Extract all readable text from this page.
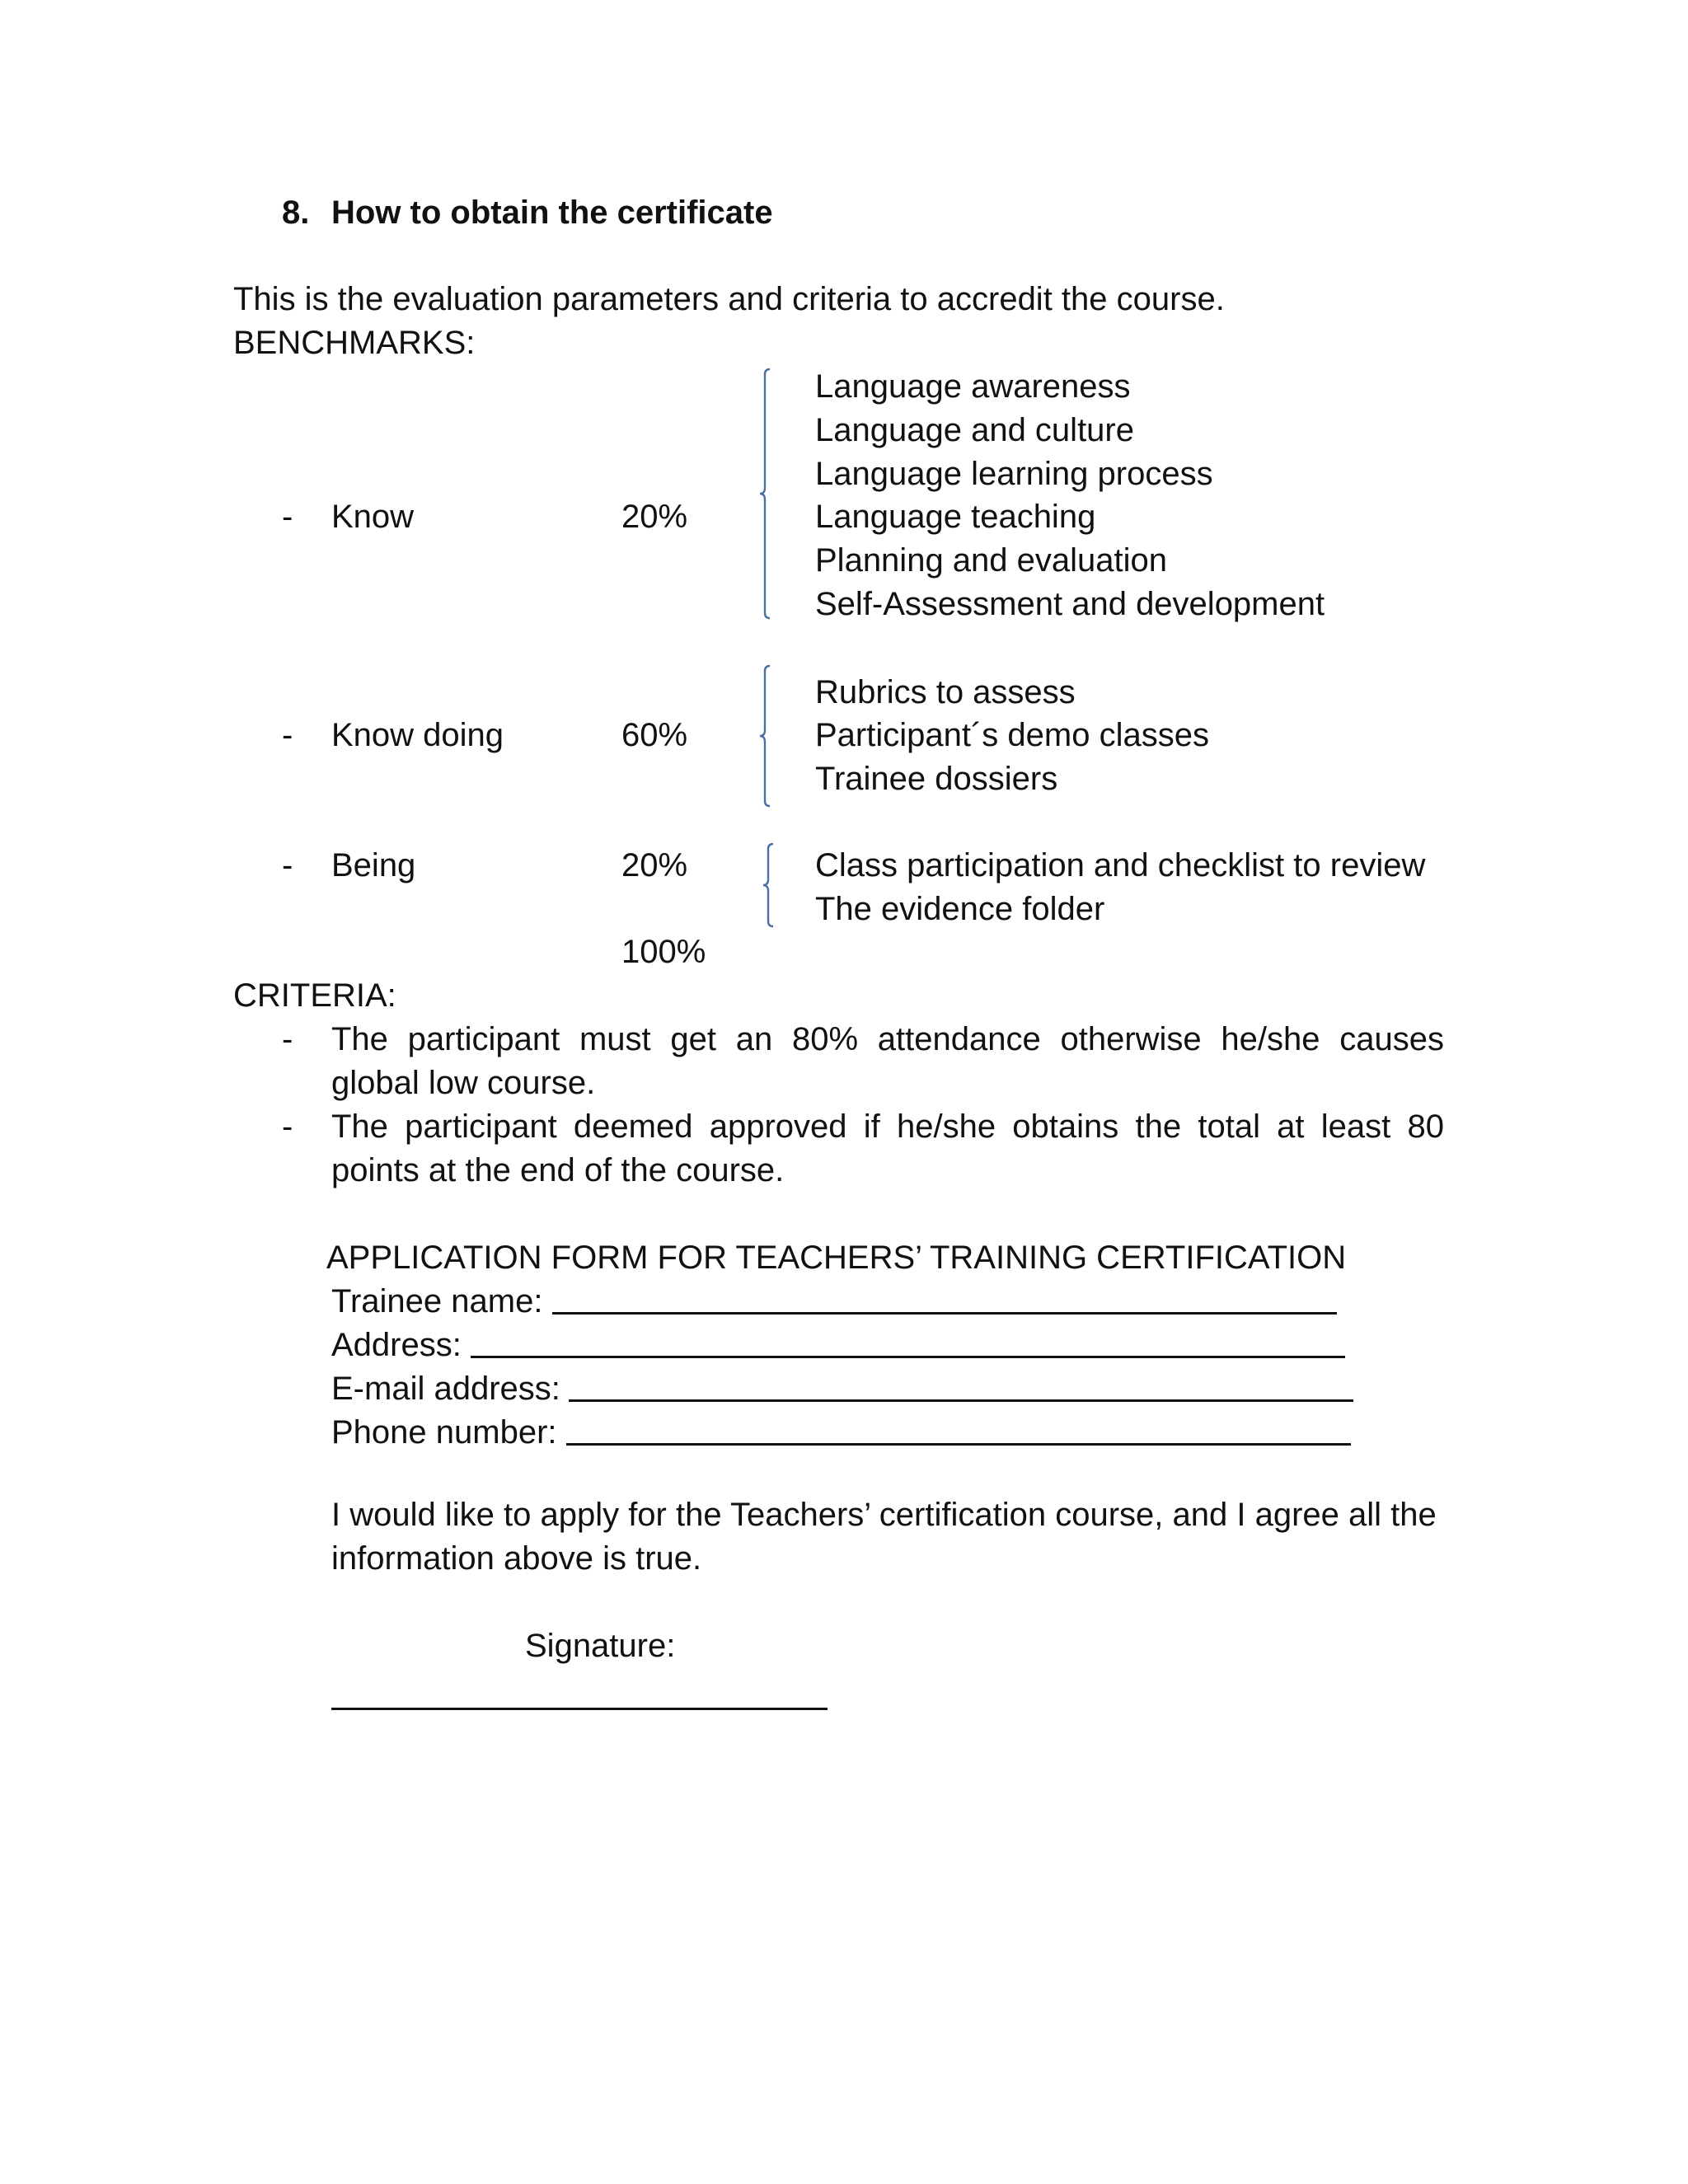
8. How to obtain the certificate
This is the evaluation parameters and criteria to accredit the course.
BENCHMARKS:
- Know	20%
Language awareness
Language and culture
Language learning process
Language teaching
Planning and evaluation
Self-Assessment and development
- Know doing	60%
Rubrics to assess
Participant´s demo classes
Trainee dossiers
- Being	20%	Class participation and checklist to review
The evidence folder
100%
CRITERIA:
- The participant must get an 80% attendance otherwise he/she causes global low course.
- The participant deemed approved if he/she obtains the total at least 80 points at the end of the course.
APPLICATION FORM FOR TEACHERS’ TRAINING CERTIFICATION
Trainee name:
Address:
E-mail address:
Phone number:
I would like to apply for the Teachers’ certification course, and I agree all the information above is true.
Signature:
